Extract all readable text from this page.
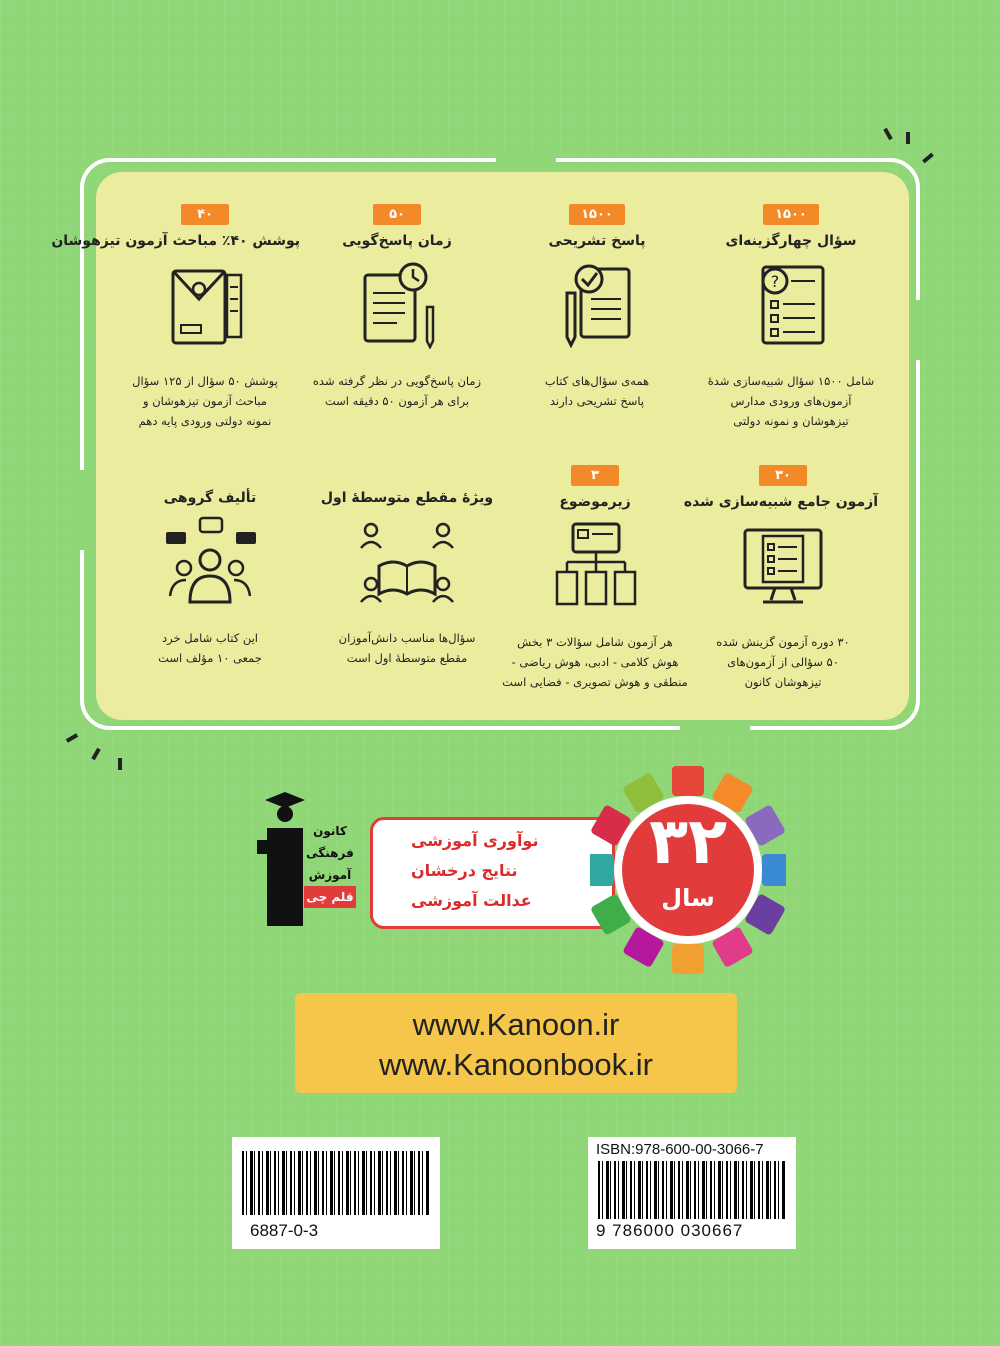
۱۵۰۰
سؤال چهارگزینه‌ای
?
شامل ۱۵۰۰ سؤال شبیه‌سازی شدهٔ
آزمون‌های ورودی مدارس
تیزهوشان و نمونه دولتی
۱۵۰۰
پاسخ تشریحی
همه‌ی سؤال‌های کتاب
پاسخ تشریحی دارند
۵۰
زمان پاسخ‌گویی
زمان پاسخ‌گویی در نظر گرفته شده
برای هر آزمون ۵۰ دقیقه است
۴۰
پوشش ۴۰٪ مباحث آزمون تیزهوشان
پوشش ۵۰ سؤال از ۱۲۵ سؤال
مباحث آزمون تیزهوشان و
نمونه دولتی ورودی پایه دهم
۳۰
آزمون جامع شبیه‌سازی شده
۳۰ دوره آزمون گزینش شده
۵۰ سؤالی از آزمون‌های
تیزهوشان کانون
۳
زیرموضوع
هر آزمون شامل سؤالات ۳ بخش
هوش کلامی - ادبی، هوش ریاضی -
منطقی و هوش تصویری - فضایی است
ویژهٔ مقطع متوسطهٔ اول
سؤال‌ها مناسب دانش‌آموزان
مقطع متوسطهٔ اول است
تألیف گروهی
این کتاب شامل خرد
جمعی ۱۰ مؤلف است
کانون
فرهنگی
آموزش
قلم چی
نوآوری آموزشی
نتایج درخشان
عدالت آموزشی
۳۲
سال
www.Kanoon.ir
www.Kanoonbook.ir
6887-0-3
ISBN:978-600-00-3066-7
9 786000 030667
